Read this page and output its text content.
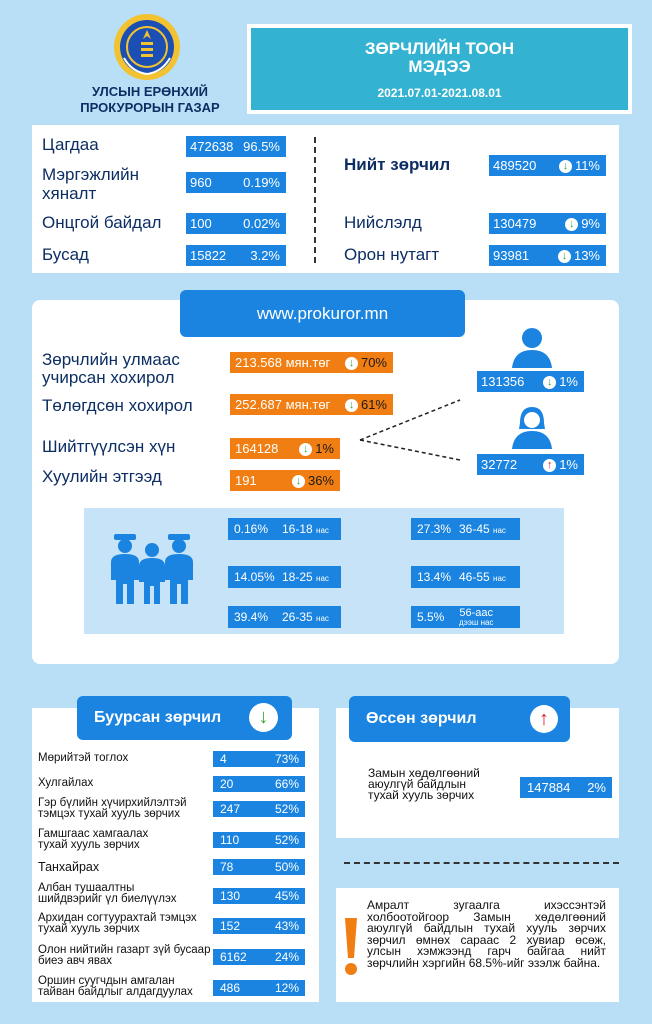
УЛСЫН ЕРӨНХИЙ
ПРОКУРОРЫН ГАЗАР
ЗӨРЧЛИЙН ТООН
МЭДЭЭ
2021.07.01-2021.08.01
Цагдаа	472638 96.5%
Мэргэжлийн хяналт
960 0.19%
Онцгой байдал 100 0.02%
Бусад	15822 3.2%
Нийт зөрчил	489520	↓ 11%
Нийслэлд	130479	↓ 9%
Орон нутагт	93981	↓ 13%
www.prokuror.mn
Зөрчлийн улмаас учирсан хохирол
213.568 мян.төг	↓ 70%
Төлөгдсөн хохирол	252.687 мян.төг	↓ 61%
Шийтгүүлсэн хүн	164128	↓ 1%
Хуулийн этгээд	191	↓ 36%
131356	↓ 1%
32772	↑ 1%
0.16% 16-18 нас
14.05% 18-25 нас
39.4% 26-35 нас
27.3% 36-45 нас
13.4% 46-55 нас
5.5% 56-аас
дээш нас
Буурсан зөрчил	↓
Мөрийтэй тоглох	4	73%
Хулгайлах	20	66%
Гэр бүлийн хүчирхийлэлтэй тэмцэх тухай хууль зөрчих	247	52%
Гамшгаас хамгаалах тухай хууль зөрчих	110	52%
Танхайрах	78	50%
Албан тушаалтны шийдвэрийг үл биелүүлэх	130	45%
Архидан согтуурахтай тэмцэх тухай хууль зөрчих	152	43%
Олон нийтийн газарт зүй бусаар биеэ авч явах	6162 24%
Оршин суугчдын амгалан тайван байдлыг алдагдуулах	486	12%
Өссөн зөрчил	↑
Замын хөдөлгөөний аюулгүй байдлын тухай хууль зөрчих	147884 2%
Амралт зугаалга ихэссэнтэй холбоотойгоор Замын хөдөлгөөний аюулгүй байдлын тухай хууль зөрчих зөрчил өмнөх сараас 2 хувиар өсөж, улсын хэмжээнд гарч байгаа нийт зөрчлийн хэргийн 68.5%-ийг эзэлж байна.
